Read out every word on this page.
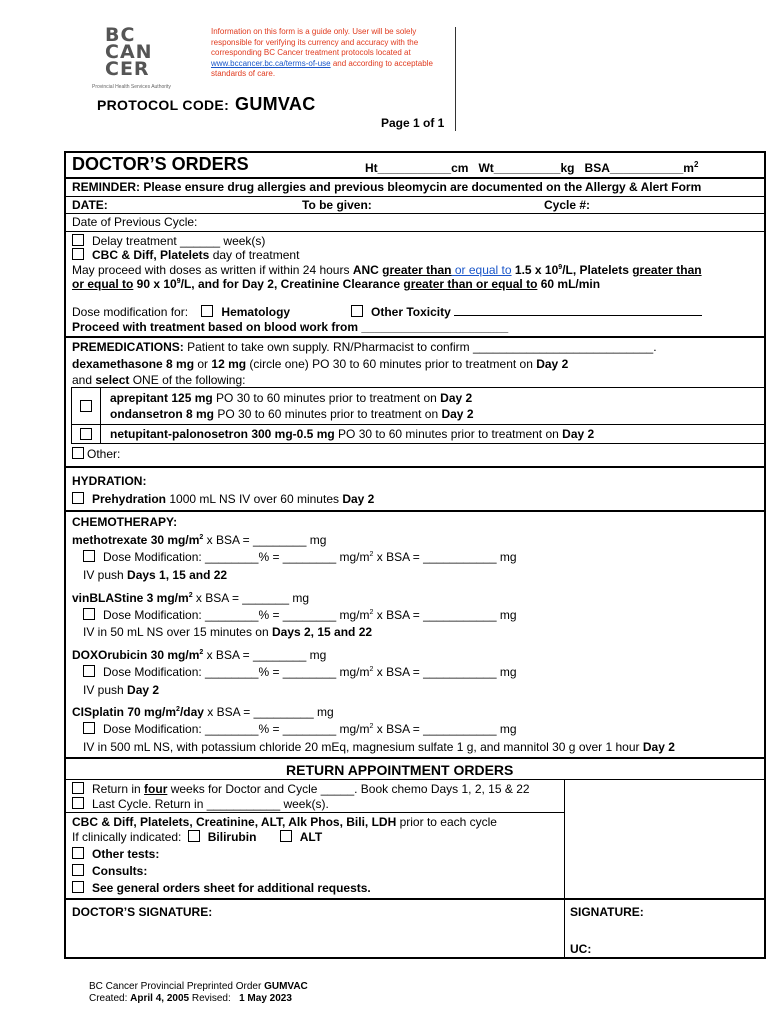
BC
CAN
CER
Provincial Health Services Authority
Information on this form is a guide only. User will be solely responsible for verifying its currency and accuracy with the corresponding BC Cancer treatment protocols located at www.bccancer.bc.ca/terms-of-use and according to acceptable standards of care.
PROTOCOL CODE: GUMVAC
Page 1 of 1
DOCTOR’S ORDERS	Ht___________cm Wt__________kg $BSA\_\_\_\_\_\_\_\_\_\_\_m^2$
REMINDER: Please ensure drug allergies and previous bleomycin are documented on the Allergy & Alert Form
DATE:	To be given:	Cycle #:
Date of Previous Cycle:
Delay treatment ______ week(s)
CBC & Diff, Platelets day of treatment
May proceed with doses as written if within 24 hours ANC greater than or equal to 1.5 x $10^9/L$, Platelets greater than
or equal to 90 x $10^9/L$, and for Day 2, Creatinine Clearance greater than or equal to 60 mL/min
Dose modification for:	Hematology	Other Toxicity
Proceed with treatment based on blood work from ______________________
PREMEDICATIONS: Patient to take own supply. RN/Pharmacist to confirm ___________________________.
dexamethasone 8 mg or 12 mg (circle one) PO 30 to 60 minutes prior to treatment on Day 2
and select ONE of the following:
aprepitant 125 mg PO 30 to 60 minutes prior to treatment on Day 2
ondansetron 8 mg PO 30 to 60 minutes prior to treatment on Day 2
netupitant-palonosetron 300 mg-0.5 mg PO 30 to 60 minutes prior to treatment on Day 2
Other:
HYDRATION:
Prehydration 1000 mL NS IV over 60 minutes Day 2
CHEMOTHERAPY:
methotrexate 30 $mg/m^2$ x BSA = ________ mg
Dose Modification: ________% = ________ $mg/m^2$ x BSA = ___________ mg
IV push Days 1, 15 and 22
vinBLAStine 3 $mg/m^2$ x BSA = _______ mg
Dose Modification: ________% = ________ $mg/m^2$ x BSA = ___________ mg
IV in 50 mL NS over 15 minutes on Days 2, 15 and 22
DOXOrubicin 30 $mg/m^2$ x BSA = ________ mg
Dose Modification: ________% = ________ $mg/m^2$ x BSA = ___________ mg
IV push Day 2
CISplatin 70 $mg/m^2$/day x BSA = _________ mg
Dose Modification: ________% = ________ $mg/m^2$ x BSA = ___________ mg
IV in 500 mL NS, with potassium chloride 20 mEq, magnesium sulfate 1 g, and mannitol 30 g over 1 hour Day 2
RETURN APPOINTMENT ORDERS
Return in four weeks for Doctor and Cycle _____. Book chemo Days 1, 2, 15 & 22
Last Cycle. Return in ___________ week(s).
CBC & Diff, Platelets, Creatinine, ALT, Alk Phos, Bili, LDH prior to each cycle
If clinically indicated: Bilirubin	ALT
Other tests:
Consults:
See general orders sheet for additional requests.
DOCTOR’S SIGNATURE:	SIGNATURE:
UC:
BC Cancer Provincial Preprinted Order GUMVAC
Created: April 4, 2005 Revised:   1 May 2023
